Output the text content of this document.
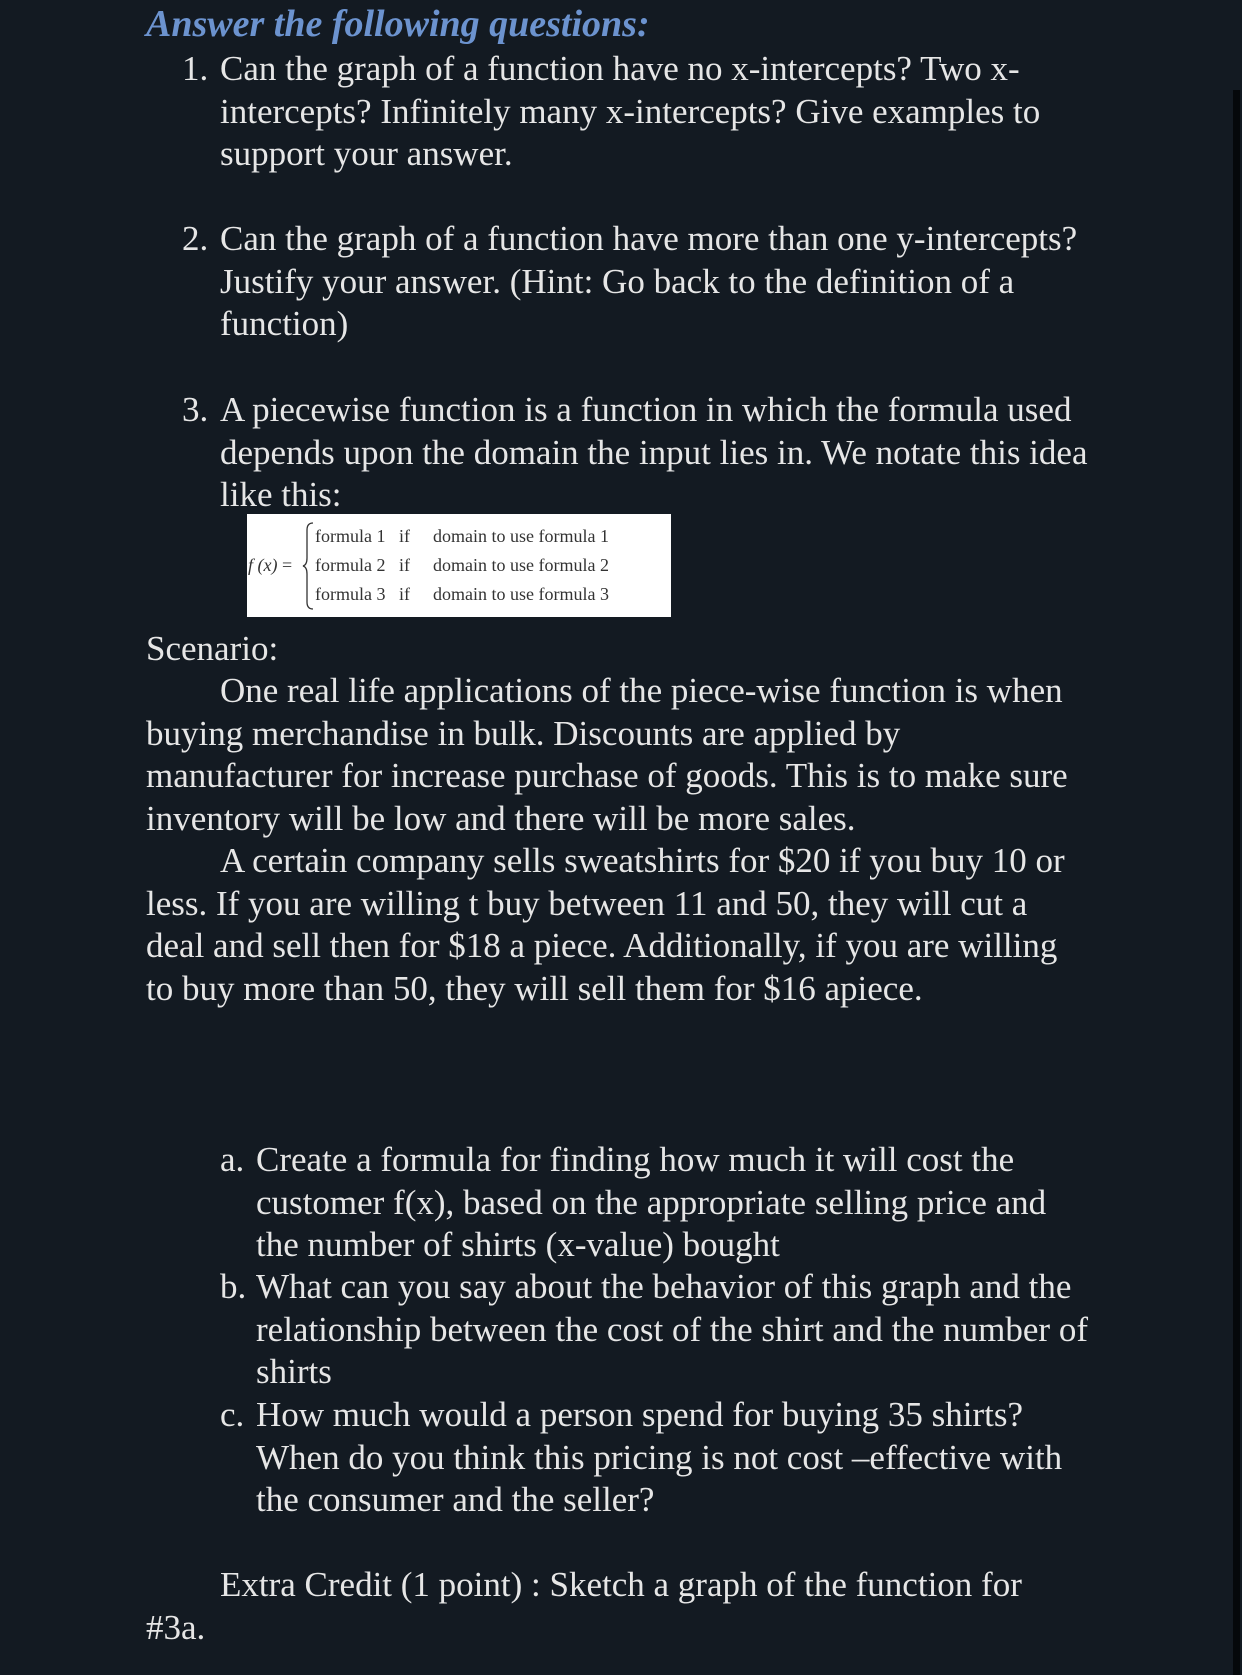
Answer the following questions:
1. Can the graph of a function have no x-intercepts? Two x-intercepts? Infinitely many x-intercepts? Give examples to support your answer.
2. Can the graph of a function have more than one y-intercepts? Justify your answer. (Hint: Go back to the definition of a function)
3. A piecewise function is a function in which the formula used depends upon the domain the input lies in. We notate this idea like this:
f (x) =
formula 1 if domain to use formula 1
formula 2 if domain to use formula 2
formula 3 if domain to use formula 3

Scenario:

One real life applications of the piece-wise function is when buying merchandise in bulk. Discounts are applied by manufacturer for increase purchase of goods. This is to make sure inventory will be low and there will be more sales.

A certain company sells sweatshirts for $20 if you buy 10 or less. If you are willing t buy between 11 and 50, they will cut a deal and sell then for $18 a piece. Additionally, if you are willing to buy more than 50, they will sell them for $16 apiece.

a. Create a formula for finding how much it will cost the customer f(x), based on the appropriate selling price and the number of shirts (x-value) bought
b. What can you say about the behavior of this graph and the relationship between the cost of the shirt and the number of shirts
c. How much would a person spend for buying 35 shirts? When do you think this pricing is not cost –effective with the consumer and the seller?

Extra Credit (1 point) : Sketch a graph of the function for #3a.
